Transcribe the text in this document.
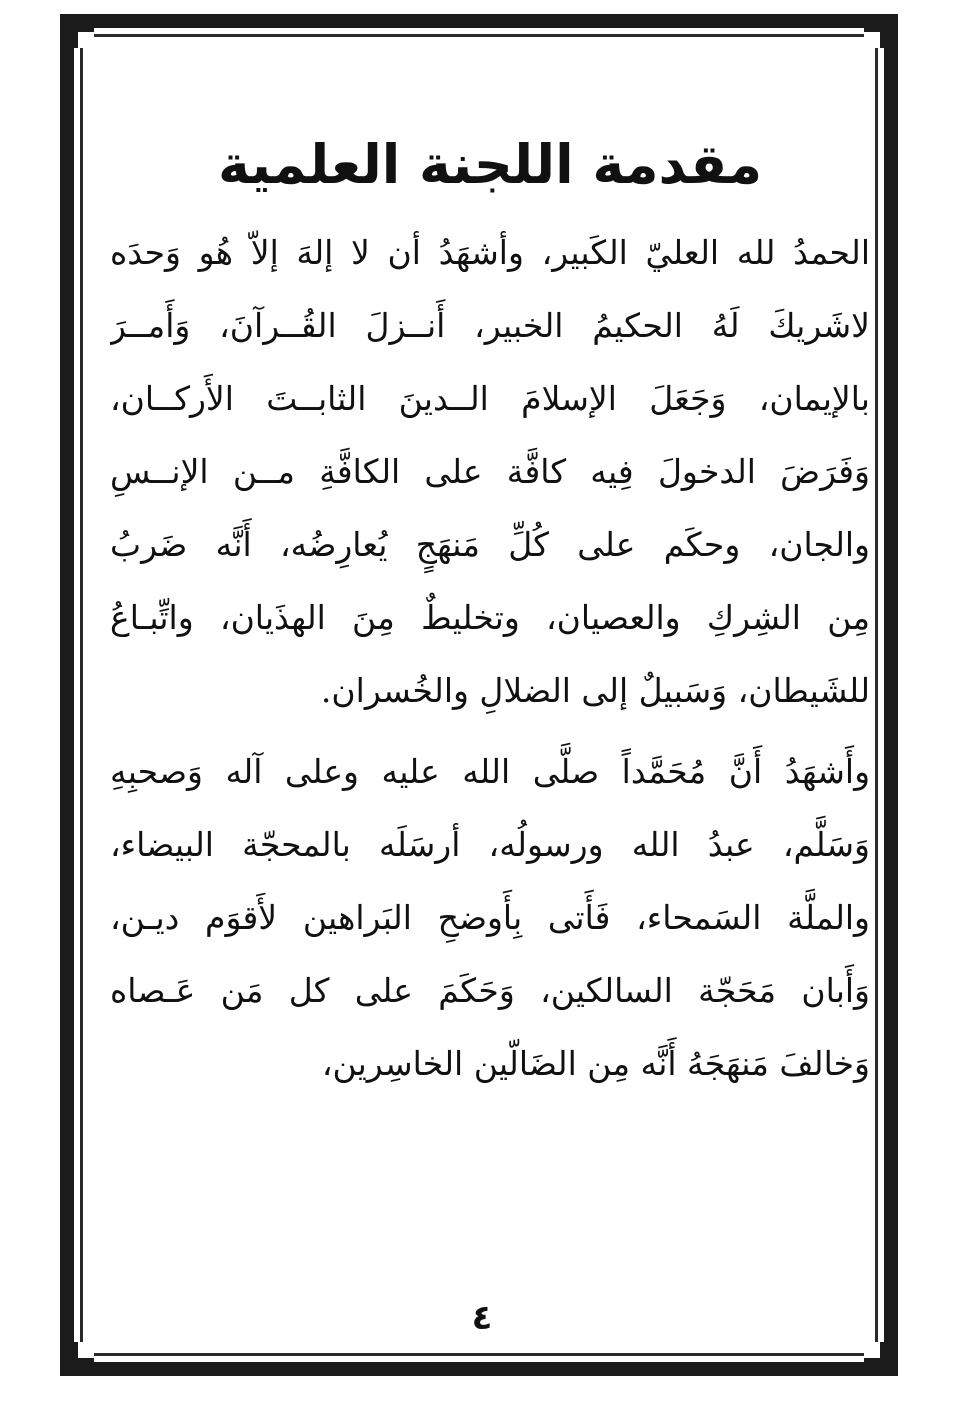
مقدمة اللجنة العلمية
الحمدُ لله العليّ الكَبير، وأشهَدُ أن لا إلهَ إلاّ هُو وَحدَه
لاشَريكَ لَهُ الحكيمُ الخبير، أَنــزلَ القُــرآنَ، وَأَمــرَ
بالإيمان، وَجَعَلَ الإسلامَ الــدينَ الثابــتَ الأَركــان،
وَفَرَضَ الدخولَ فِيه كافَّة على الكافَّةِ مــن الإنــسِ
والجان، وحكَم على كُلِّ مَنهَجٍ يُعارِضُه، أَنَّه ضَربُ
مِن الشِركِ والعصيان، وتخليطٌ مِنَ الهذَيان، واتِّبـاعُ
للشَيطان، وَسَبيلٌ إلى الضلالِ والخُسران.
وأَشهَدُ أَنَّ مُحَمَّداً صلَّى الله عليه وعلى آله وَصحبِهِ
وَسَلَّم، عبدُ الله ورسولُه، أرسَلَه بالمحجّة البيضاء،
والملَّة السَمحاء، فَأَتى بِأَوضحِ البَراهين لأَقوَم ديـن،
وَأَبان مَحَجّة السالكين، وَحَكَمَ على كل مَن عَـصاه
وَخالفَ مَنهَجَهُ أَنَّه مِن الضَالّين الخاسِرين،
٤
